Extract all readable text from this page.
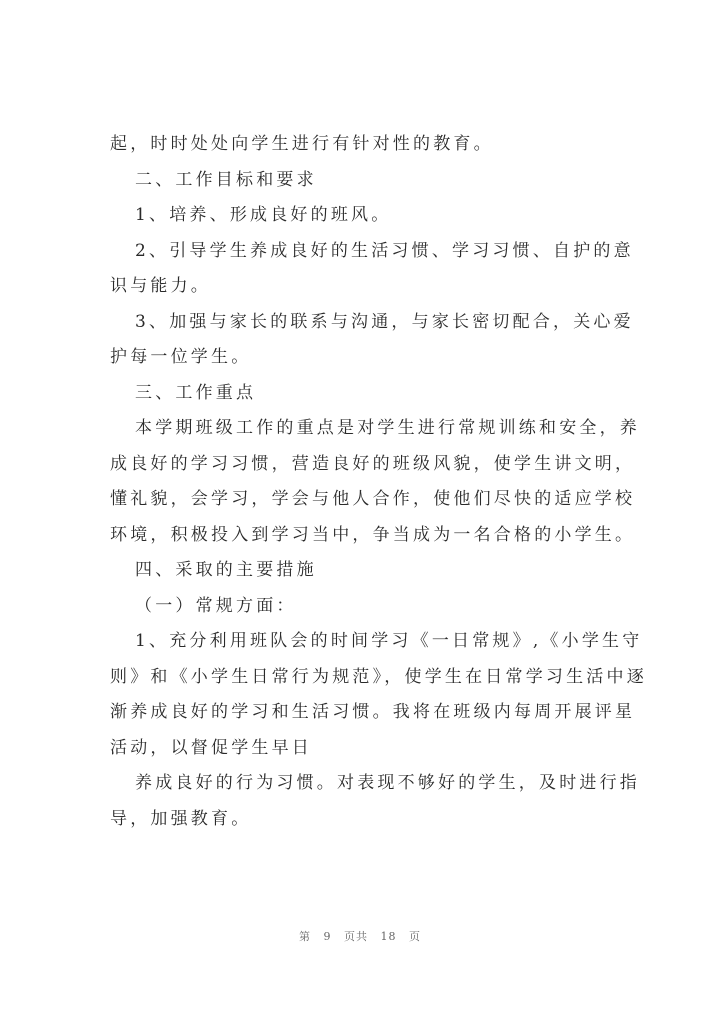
起，时时处处向学生进行有针对性的教育。

二、工作目标和要求

1、培养、形成良好的班风。

2、引导学生养成良好的生活习惯、学习习惯、自护的意识与能力。

3、加强与家长的联系与沟通，与家长密切配合，关心爱护每一位学生。

三、工作重点

本学期班级工作的重点是对学生进行常规训练和安全，养成良好的学习习惯，营造良好的班级风貌，使学生讲文明，懂礼貌，会学习，学会与他人合作，使他们尽快的适应学校环境，积极投入到学习当中，争当成为一名合格的小学生。

四、采取的主要措施

（一）常规方面：

1、充分利用班队会的时间学习《一日常规》,《小学生守则》和《小学生日常行为规范》，使学生在日常学习生活中逐渐养成良好的学习和生活习惯。我将在班级内每周开展评星活动，以督促学生早日

养成良好的行为习惯。对表现不够好的学生，及时进行指导，加强教育。

第 9 页共 18 页
